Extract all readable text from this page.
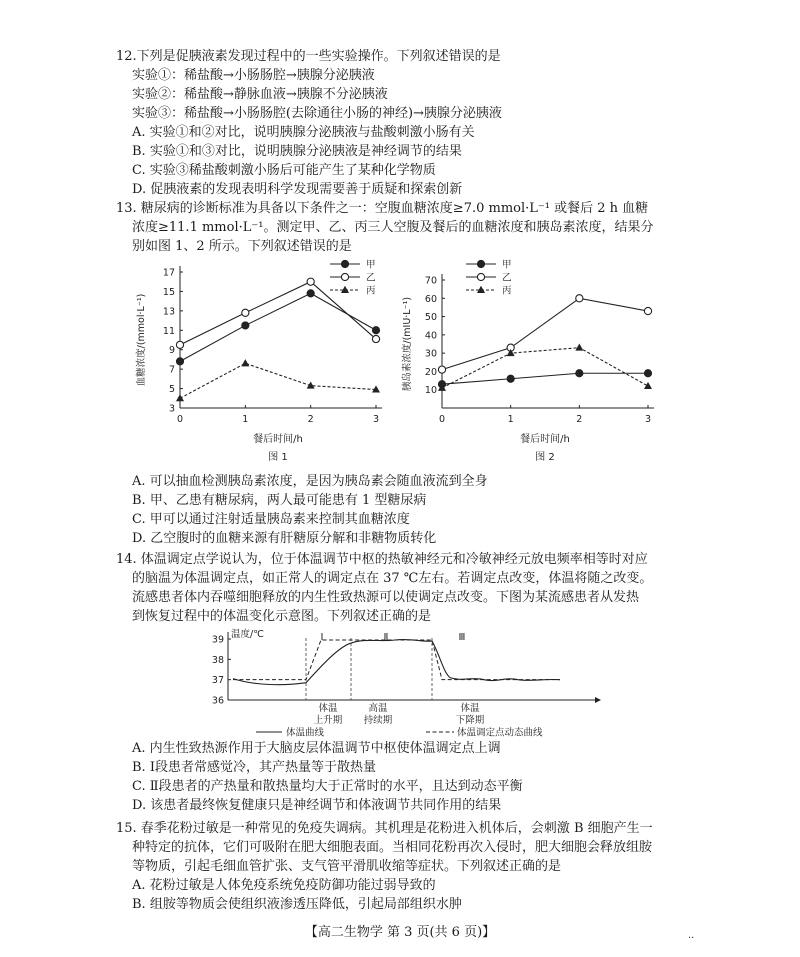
12.下列是促胰液素发现过程中的一些实验操作。下列叙述错误的是
实验①：稀盐酸→小肠肠腔→胰腺分泌胰液
实验②：稀盐酸→静脉血液→胰腺不分泌胰液
实验③：稀盐酸→小肠肠腔(去除通往小肠的神经)→胰腺分泌胰液
A. 实验①和②对比，说明胰腺分泌胰液与盐酸刺激小肠有关
B. 实验①和③对比，说明胰腺分泌胰液是神经调节的结果
C. 实验③稀盐酸刺激小肠后可能产生了某种化学物质
D. 促胰液素的发现表明科学发现需要善于质疑和探索创新
13. 糖尿病的诊断标准为具备以下条件之一：空腹血糖浓度≥7.0 mmol·L⁻¹ 或餐后 2 h 血糖
浓度≥11.1 mmol·L⁻¹。测定甲、乙、丙三人空腹及餐后的血糖浓度和胰岛素浓度，结果分
别如图 1、2 所示。下列叙述错误的是
3
5
7
9
11
13
15
17
0	1	2	3
血糖浓度/(mmol·L⁻¹)
餐后时间/h
图 1
甲
乙
丙
10
20
30
40
50
60
70
0	1	2	3
胰岛素浓度/(mIU·L⁻¹)
餐后时间/h
图 2
甲
乙
丙
A. 可以抽血检测胰岛素浓度，是因为胰岛素会随血液流到全身
B. 甲、乙患有糖尿病，两人最可能患有 1 型糖尿病
C. 甲可以通过注射适量胰岛素来控制其血糖浓度
D. 乙空腹时的血糖来源有肝糖原分解和非糖物质转化
14. 体温调定点学说认为，位于体温调节中枢的热敏神经元和冷敏神经元放电频率相等时对应
的脑温为体温调定点，如正常人的调定点在 37 ℃左右。若调定点改变，体温将随之改变。
流感患者体内吞噬细胞释放的内生性致热源可以使调定点改变。下图为某流感患者从发热
到恢复过程中的体温变化示意图。下列叙述正确的是
36
37
38
39 温度/℃	Ⅰ	Ⅱ	Ⅲ
体温
上升期
高温
持续期
体温
下降期
体温曲线	体温调定点动态曲线
A. 内生性致热源作用于大脑皮层体温调节中枢使体温调定点上调
B. Ⅰ段患者常感觉冷，其产热量等于散热量
C. Ⅱ段患者的产热量和散热量均大于正常时的水平，且达到动态平衡
D. 该患者最终恢复健康只是神经调节和体液调节共同作用的结果
15. 春季花粉过敏是一种常见的免疫失调病。其机理是花粉进入机体后，会刺激 B 细胞产生一
种特定的抗体，它们可吸附在肥大细胞表面。当相同花粉再次入侵时，肥大细胞会释放组胺
等物质，引起毛细血管扩张、支气管平滑肌收缩等症状。下列叙述正确的是
A. 花粉过敏是人体免疫系统免疫防御功能过弱导致的
B. 组胺等物质会使组织液渗透压降低，引起局部组织水肿
【高二生物学 第 3 页(共 6 页)】	..
